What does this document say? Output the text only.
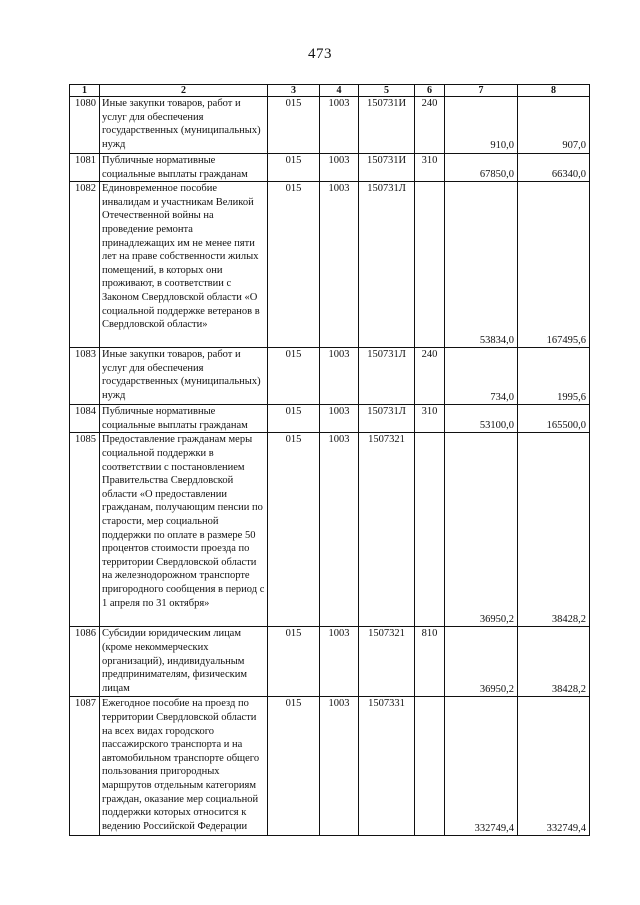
473
1	2	3	4	5	6	7	8
1080	Иные закупки товаров, работ и услуг для обеспечения государственных (муниципальных) нужд	015	1003	150731И	240	910,0	907,0
1081	Публичные нормативные социальные выплаты гражданам	015	1003	150731И	310	67850,0	66340,0
1082	Единовременное пособие инвалидам и участникам Великой Отечественной войны на проведение ремонта принадлежащих им не менее пяти лет на праве собственности жилых помещений, в которых они проживают, в соответствии с Законом Свердловской области «О социальной поддержке ветеранов в Свердловской области»	015	1003	150731Л		53834,0	167495,6
1083	Иные закупки товаров, работ и услуг для обеспечения государственных (муниципальных) нужд	015	1003	150731Л	240	734,0	1995,6
1084	Публичные нормативные социальные выплаты гражданам	015	1003	150731Л	310	53100,0	165500,0
1085	Предоставление гражданам меры социальной поддержки в соответствии с постановлением Правительства Свердловской области «О предоставлении гражданам, получающим пенсии по старости, мер социальной поддержки по оплате в размере 50 процентов стоимости проезда по территории Свердловской области на железнодорожном транспорте пригородного сообщения в период с 1 апреля по 31 октября»	015	1003	1507321		36950,2	38428,2
1086	Субсидии юридическим лицам (кроме некоммерческих организаций), индивидуальным предпринимателям, физическим лицам	015	1003	1507321	810	36950,2	38428,2
1087	Ежегодное пособие на проезд по территории Свердловской области на всех видах городского пассажирского транспорта и на автомобильном транспорте общего пользования пригородных маршрутов отдельным категориям граждан, оказание мер социальной поддержки которых относится к ведению Российской Федерации	015	1003	1507331		332749,4	332749,4
